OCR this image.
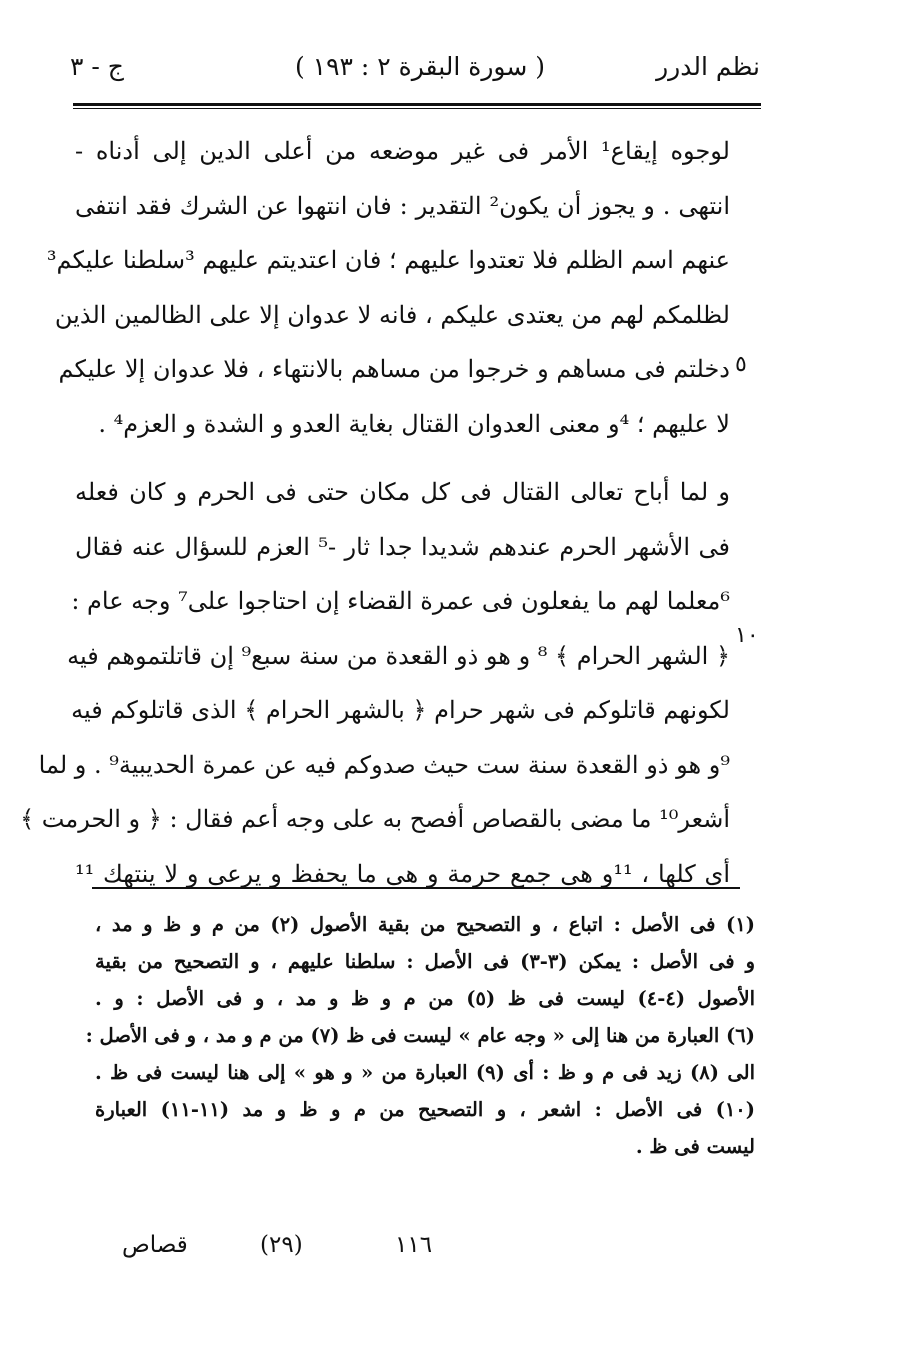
نظم الدرر
( سورة البقرة ٢ : ١٩٣ )
ج - ٣
لوجوه إيقاع¹ الأمر فى غير موضعه من أعلى الدين إلى أدناه -
انتهى . و يجوز أن يكون² التقدير : فان انتهوا عن الشرك فقد انتفى
عنهم اسم الظلم فلا تعتدوا عليهم ؛ فان اعتديتم عليهم ³سلطنا عليكم³
لظلمكم لهم من يعتدى عليكم ، فانه لا عدوان إلا على الظالمين الذين
دخلتم فى مساهم و خرجوا من مساهم بالانتهاء ، فلا عدوان إلا عليكم
لا عليهم ؛ ⁴و معنى العدوان القتال بغاية العدو و الشدة و العزم⁴ .
و لما أباح تعالى القتال فى كل مكان حتى فى الحرم و كان فعله
فى الأشهر الحرم عندهم شديدا جدا ثار -⁵ العزم للسؤال عنه فقال
⁶معلما لهم ما يفعلون فى عمرة القضاء إن احتاجوا على⁷ وجه عام :
﴿ الشهر الحرام ﴾ ⁸ و هو ذو القعدة من سنة سبع⁹ إن قاتلتموهم فيه
لكونهم قاتلوكم فى شهر حرام ﴿ بالشهر الحرام ﴾ الذى قاتلوكم فيه
⁹و هو ذو القعدة سنة ست حيث صدوكم فيه عن عمرة الحديبية⁹ . و لما
أشعر¹⁰ ما مضى بالقصاص أفصح به على وجه أعم فقال : ﴿ و الحرمت ﴾
أى كلها ، ¹¹و هى جمع حرمة و هى ما يحفظ و يرعى و لا ينتهك ¹¹
٥
١٠
(١) فى الأصل : اتباع ، و التصحيح من بقية الأصول (٢) من م و ظ و مد ،
و فى الأصل : يمكن (٣-٣) فى الأصل : سلطنا عليهم ، و التصحيح من بقية
الأصول (٤-٤) ليست فى ظ (٥) من م و ظ و مد ، و فى الأصل : و .
(٦) العبارة من هنا إلى « وجه عام » ليست فى ظ (٧) من م و مد ، و فى الأصل :
الى (٨) زيد فى م و ظ : أى (٩) العبارة من « و هو » إلى هنا ليست فى ظ .
(١٠) فى الأصل : اشعر ، و التصحيح من م و ظ و مد (١١-١١) العبارة
ليست فى ظ .
١١٦
(٢٩)
قصاص
